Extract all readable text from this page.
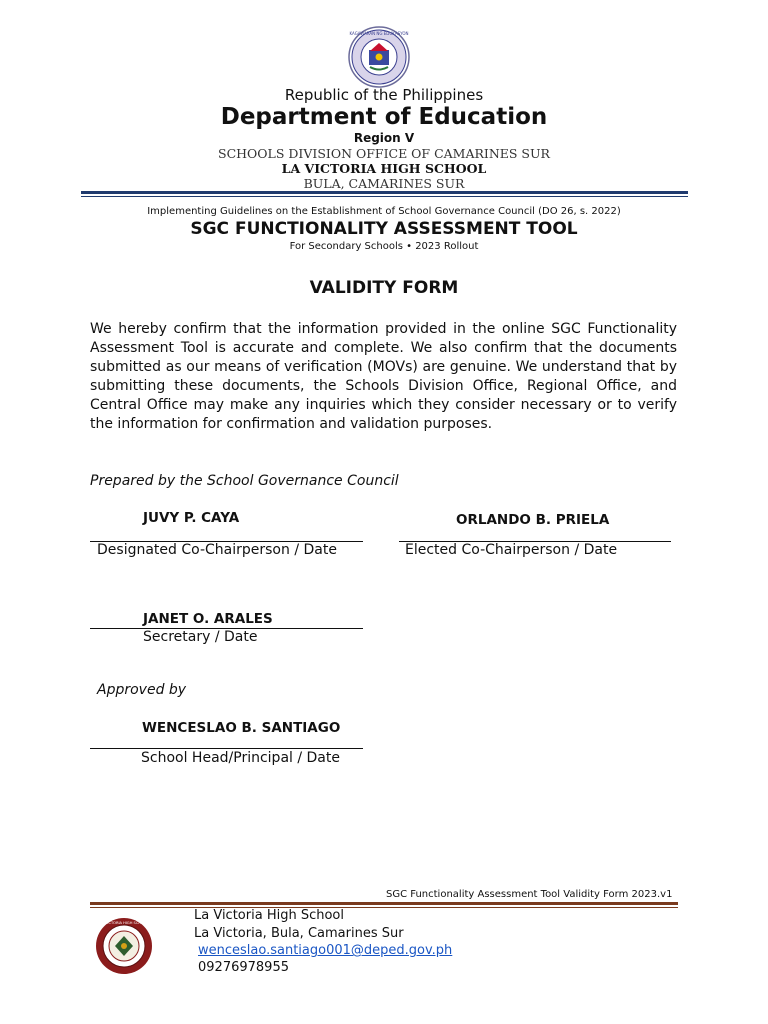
KAGAWARAN NG EDUKASYON
Republic of the Philippines
Department of Education
Region V
SCHOOLS DIVISION OFFICE OF CAMARINES SUR
LA VICTORIA HIGH SCHOOL
BULA, CAMARINES SUR
Implementing Guidelines on the Establishment of School Governance Council (DO 26, s. 2022)
SGC FUNCTIONALITY ASSESSMENT TOOL
For Secondary Schools • 2023 Rollout
VALIDITY FORM
We hereby confirm that the information provided in the online SGC Functionality Assessment Tool is accurate and complete. We also confirm that the documents submitted as our means of verification (MOVs) are genuine. We understand that by submitting these documents, the Schools Division Office, Regional Office, and Central Office may make any inquiries which they consider necessary or to verify the information for confirmation and validation purposes.
Prepared by the School Governance Council
JUVY P. CAYA
Designated Co-Chairperson / Date
ORLANDO B. PRIELA
Elected Co-Chairperson / Date
JANET O. ARALES
Secretary / Date
Approved by
WENCESLAO B. SANTIAGO
School Head/Principal / Date
SGC Functionality Assessment Tool Validity Form 2023.v1
LA VICTORIA HIGH SCHOOL	La Victoria High School
La Victoria, Bula, Camarines Sur
wenceslao.santiago001@deped.gov.ph
09276978955
